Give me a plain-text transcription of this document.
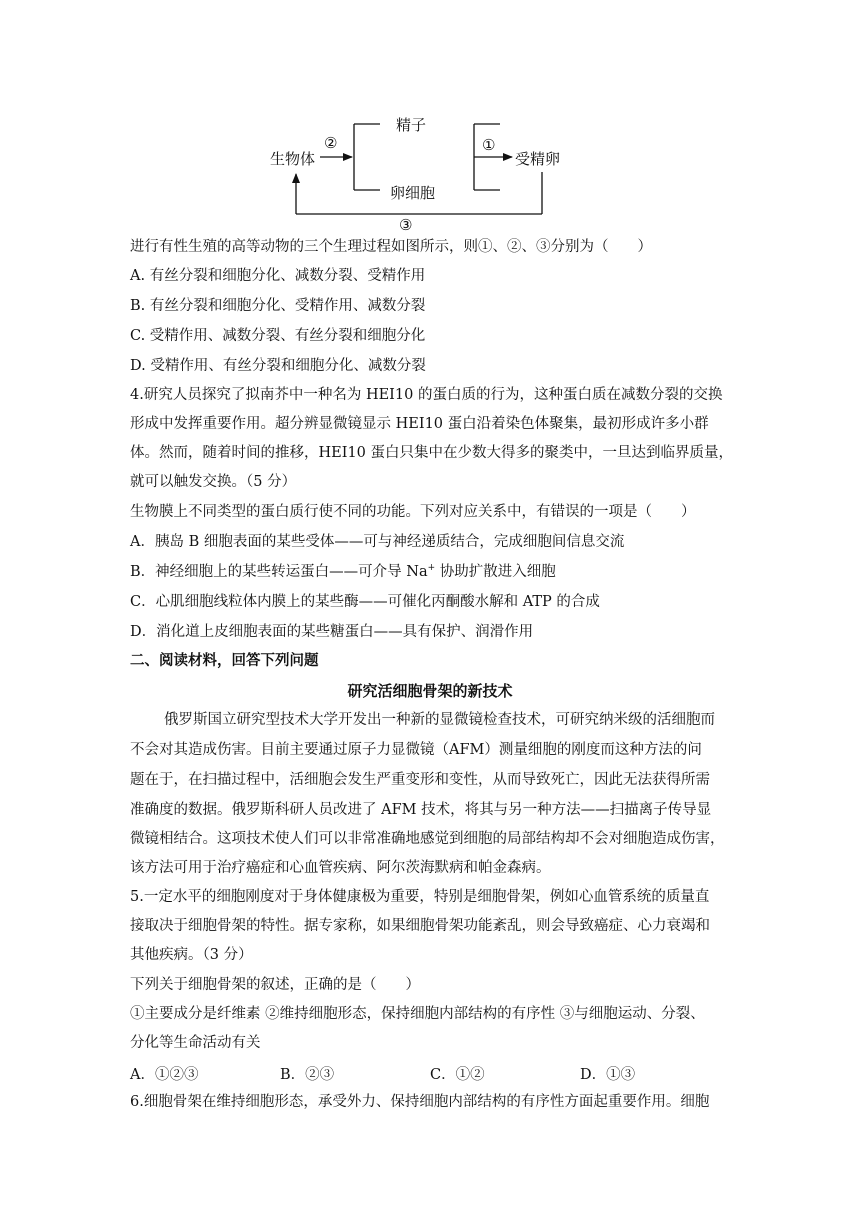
生物体
精子
卵细胞
受精卵
②	①
③
进行有性生殖的高等动物的三个生理过程如图所示，则①、②、③分别为（　　）
A. 有丝分裂和细胞分化、减数分裂、受精作用
B. 有丝分裂和细胞分化、受精作用、减数分裂
C. 受精作用、减数分裂、有丝分裂和细胞分化
D. 受精作用、有丝分裂和细胞分化、减数分裂
4.研究人员探究了拟南芥中一种名为 HEI10 的蛋白质的行为，这种蛋白质在减数分裂的交换
形成中发挥重要作用。超分辨显微镜显示 HEI10 蛋白沿着染色体聚集，最初形成许多小群
体。然而，随着时间的推移，HEI10 蛋白只集中在少数大得多的聚类中，一旦达到临界质量，
就可以触发交换。（5 分）
生物膜上不同类型的蛋白质行使不同的功能。下列对应关系中，有错误的一项是（　　）
A．胰岛 B 细胞表面的某些受体——可与神经递质结合，完成细胞间信息交流
B．神经细胞上的某些转运蛋白——可介导 Na+ 协助扩散进入细胞
C．心肌细胞线粒体内膜上的某些酶——可催化丙酮酸水解和 ATP 的合成
D．消化道上皮细胞表面的某些糖蛋白——具有保护、润滑作用
二、阅读材料，回答下列问题
研究活细胞骨架的新技术
俄罗斯国立研究型技术大学开发出一种新的显微镜检查技术，可研究纳米级的活细胞而
不会对其造成伤害。目前主要通过原子力显微镜（AFM）测量细胞的刚度而这种方法的问
题在于，在扫描过程中，活细胞会发生严重变形和变性，从而导致死亡，因此无法获得所需
准确度的数据。俄罗斯科研人员改进了 AFM 技术，将其与另一种方法——扫描离子传导显
微镜相结合。这项技术使人们可以非常准确地感觉到细胞的局部结构却不会对细胞造成伤害，
该方法可用于治疗癌症和心血管疾病、阿尔茨海默病和帕金森病。
5.一定水平的细胞刚度对于身体健康极为重要，特别是细胞骨架，例如心血管系统的质量直
接取决于细胞骨架的特性。据专家称，如果细胞骨架功能紊乱，则会导致癌症、心力衰竭和
其他疾病。（3 分）
下列关于细胞骨架的叙述，正确的是（　　）
①主要成分是纤维素 ②维持细胞形态，保持细胞内部结构的有序性 ③与细胞运动、分裂、
分化等生命活动有关
A．①②③	B．②③	C．①②	D．①③
6.细胞骨架在维持细胞形态，承受外力、保持细胞内部结构的有序性方面起重要作用。细胞
